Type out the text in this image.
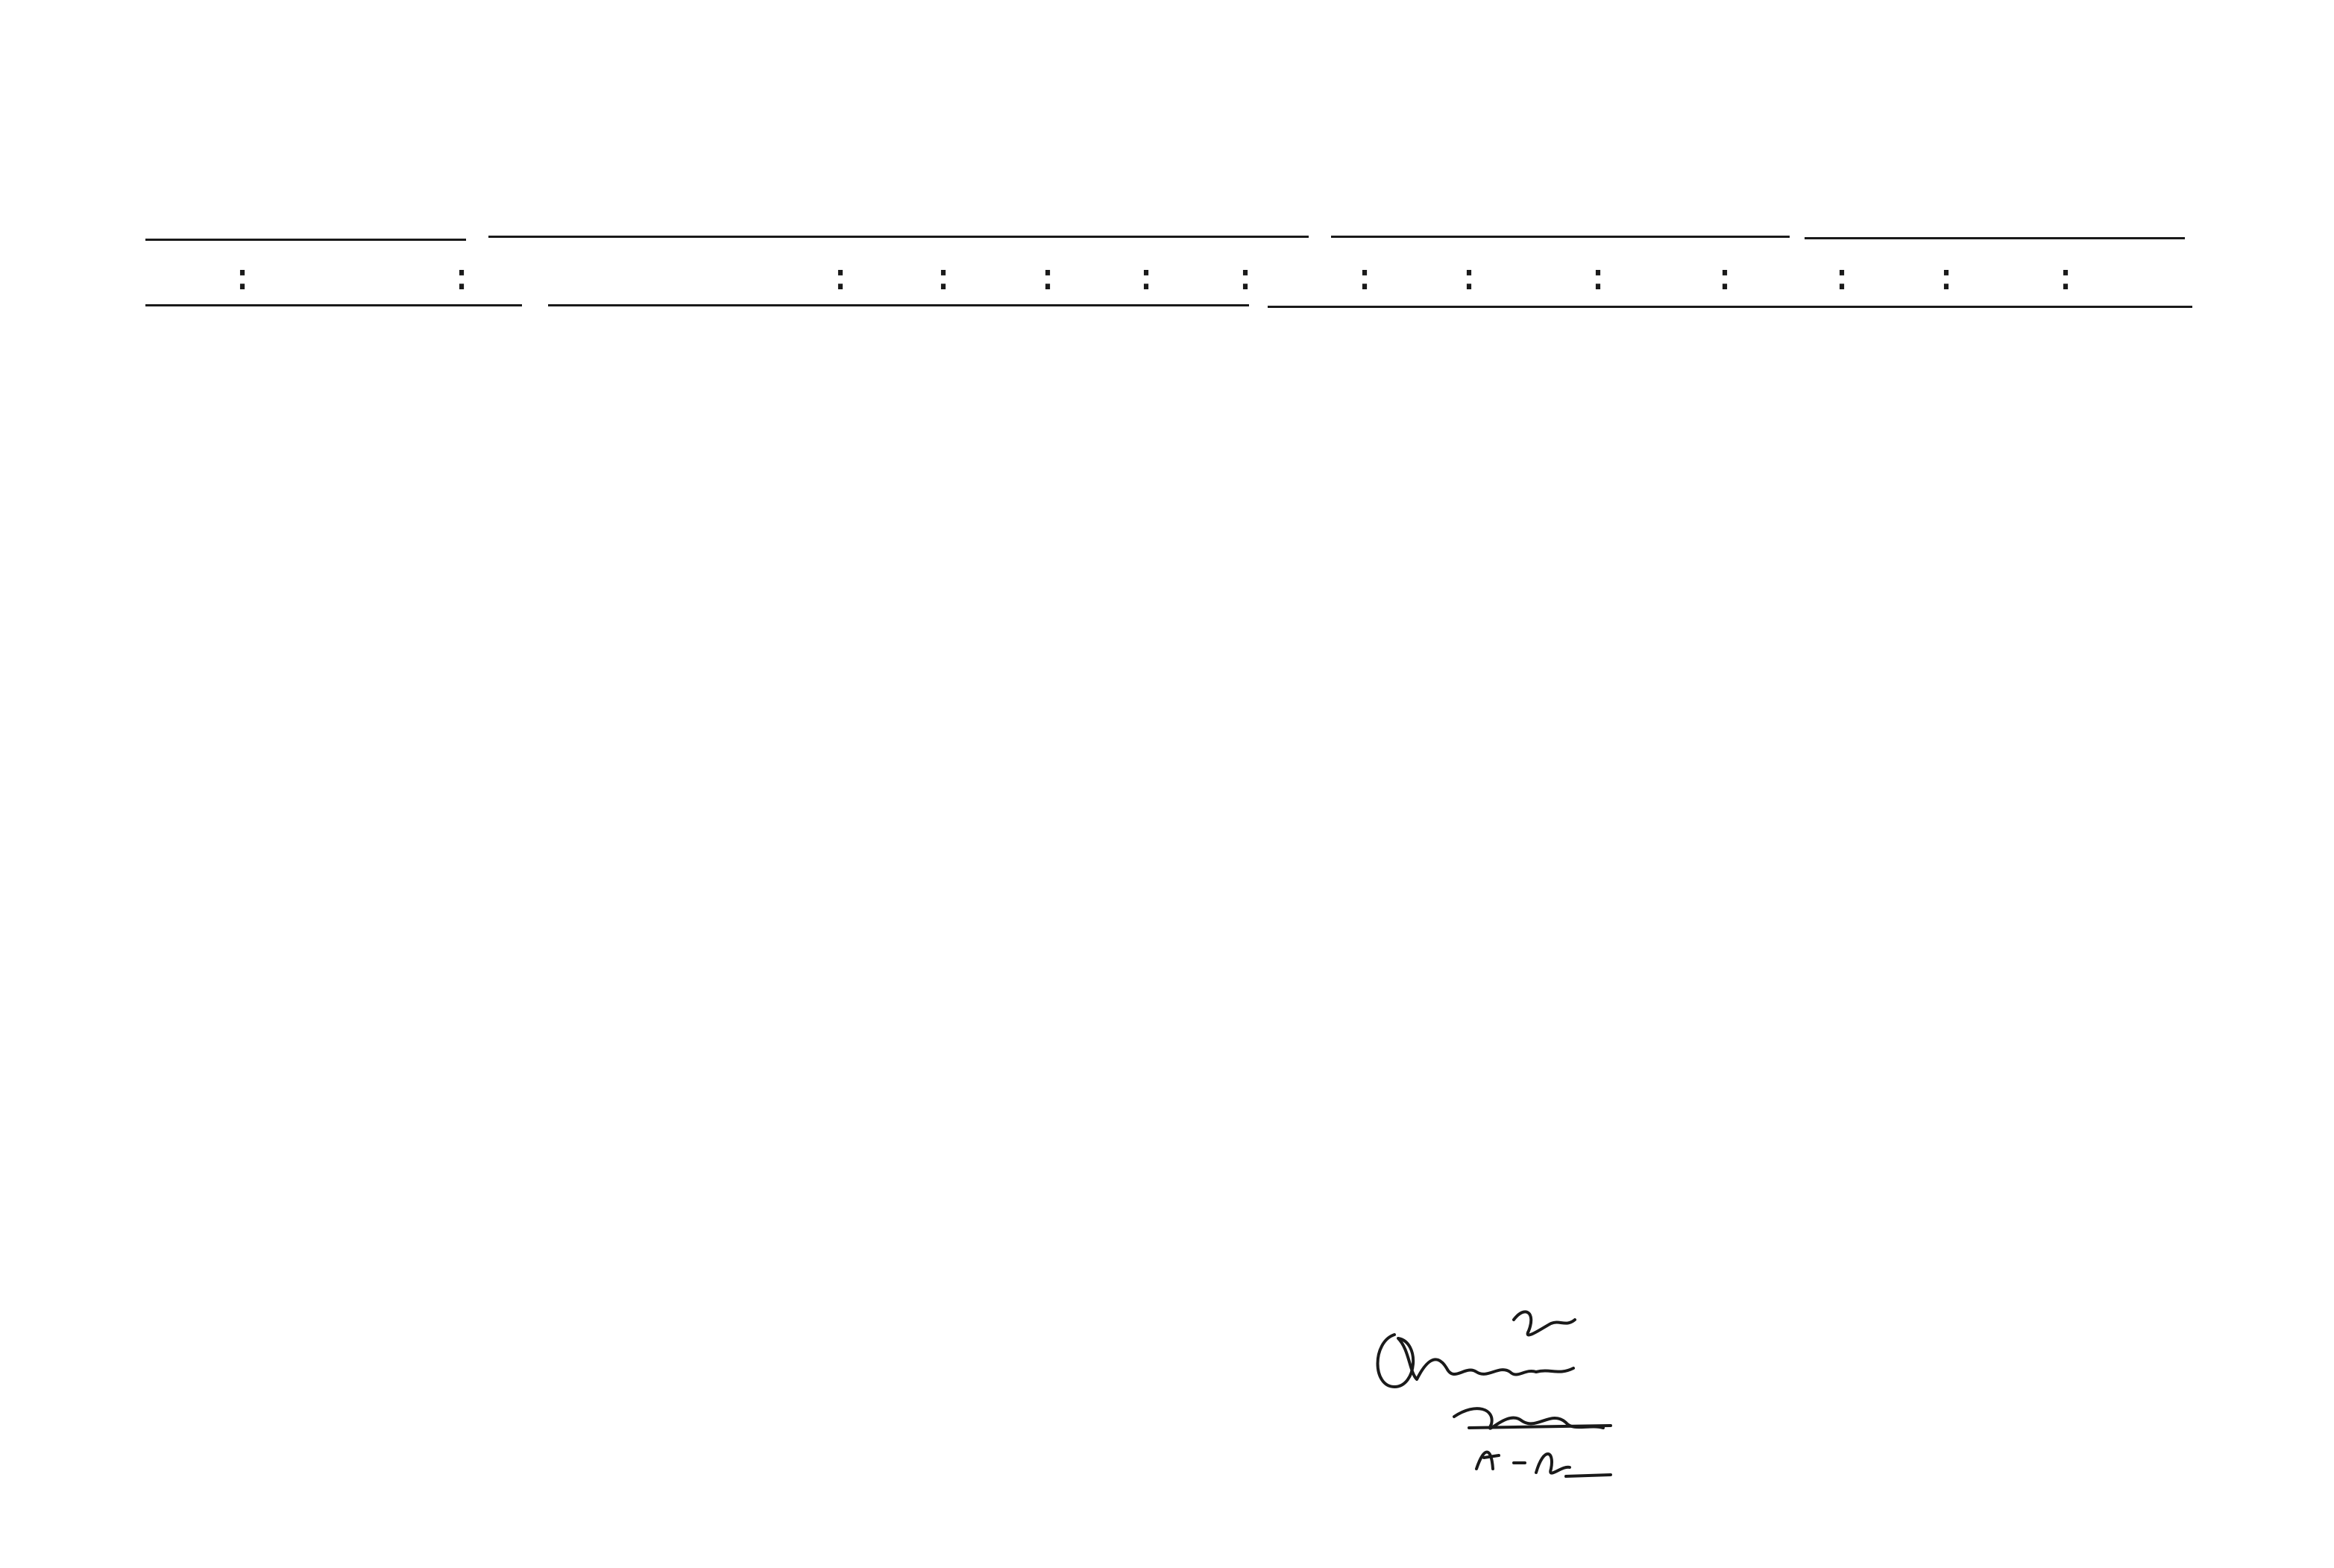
:	:	: : : : :	: :	:	:	: :	:
